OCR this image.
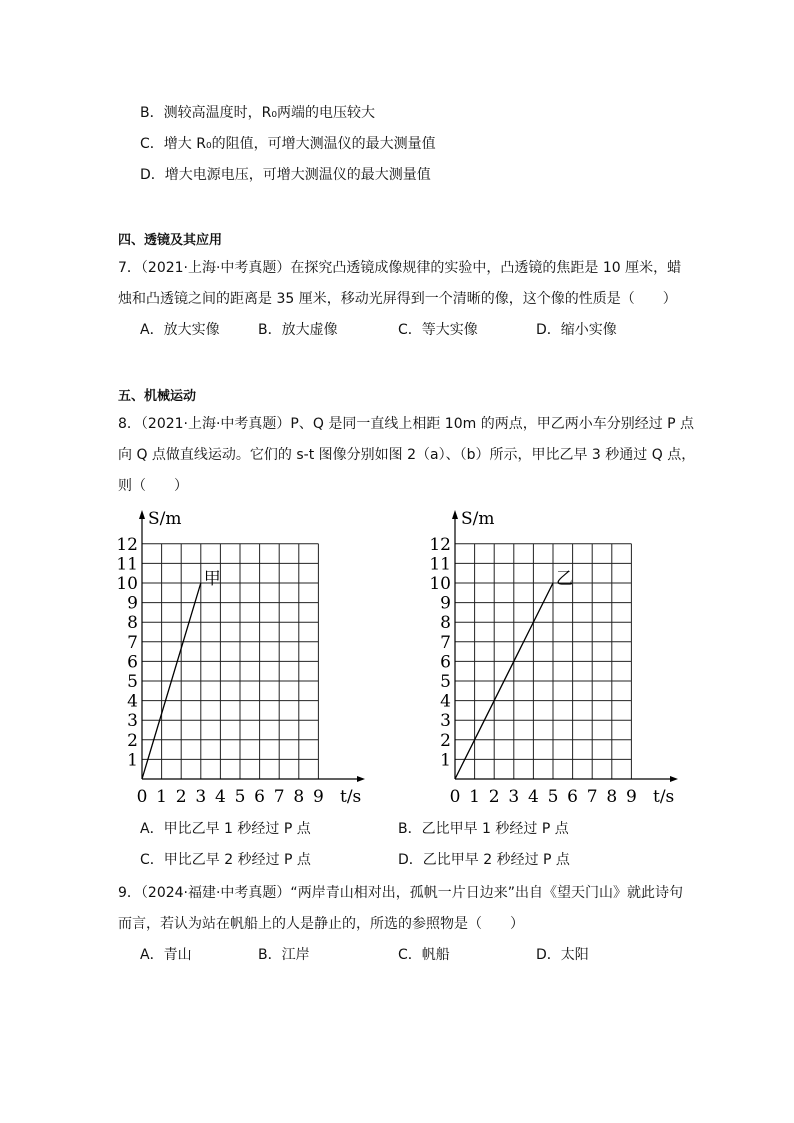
B．测较高温度时，R₀两端的电压较大
C．增大 R₀的阻值，可增大测温仪的最大测量值
D．增大电源电压，可增大测温仪的最大测量值
四、透镜及其应用
7．（2021·上海·中考真题）在探究凸透镜成像规律的实验中，凸透镜的焦距是 10 厘米，蜡
烛和凸透镜之间的距离是 35 厘米，移动光屏得到一个清晰的像，这个像的性质是（　　）
A．放大实像	B．放大虚像	C．等大实像	D．缩小实像
五、机械运动
8．（2021·上海·中考真题）P、Q 是同一直线上相距 10m 的两点，甲乙两小车分别经过 P 点
向 Q 点做直线运动。它们的 s-t 图像分别如图 2（a）、（b）所示，甲比乙早 3 秒通过 Q 点，
则（　　）
S/m
t/s
0 1 2 3 4 5 6 7 8 9
1
2
3
4
5
6
7
8
9
10
11
12
甲
S/m
t/s
0 1 2 3 4 5 6 7 8 9
1
2
3
4
5
6
7
8
9
10
11
12
乙
A．甲比乙早 1 秒经过 P 点	B．乙比甲早 1 秒经过 P 点
C．甲比乙早 2 秒经过 P 点	D．乙比甲早 2 秒经过 P 点
9．（2024·福建·中考真题）“两岸青山相对出，孤帆一片日边来”出自《望天门山》就此诗句
而言，若认为站在帆船上的人是静止的，所选的参照物是（　　）
A．青山	B．江岸	C．帆船	D．太阳
